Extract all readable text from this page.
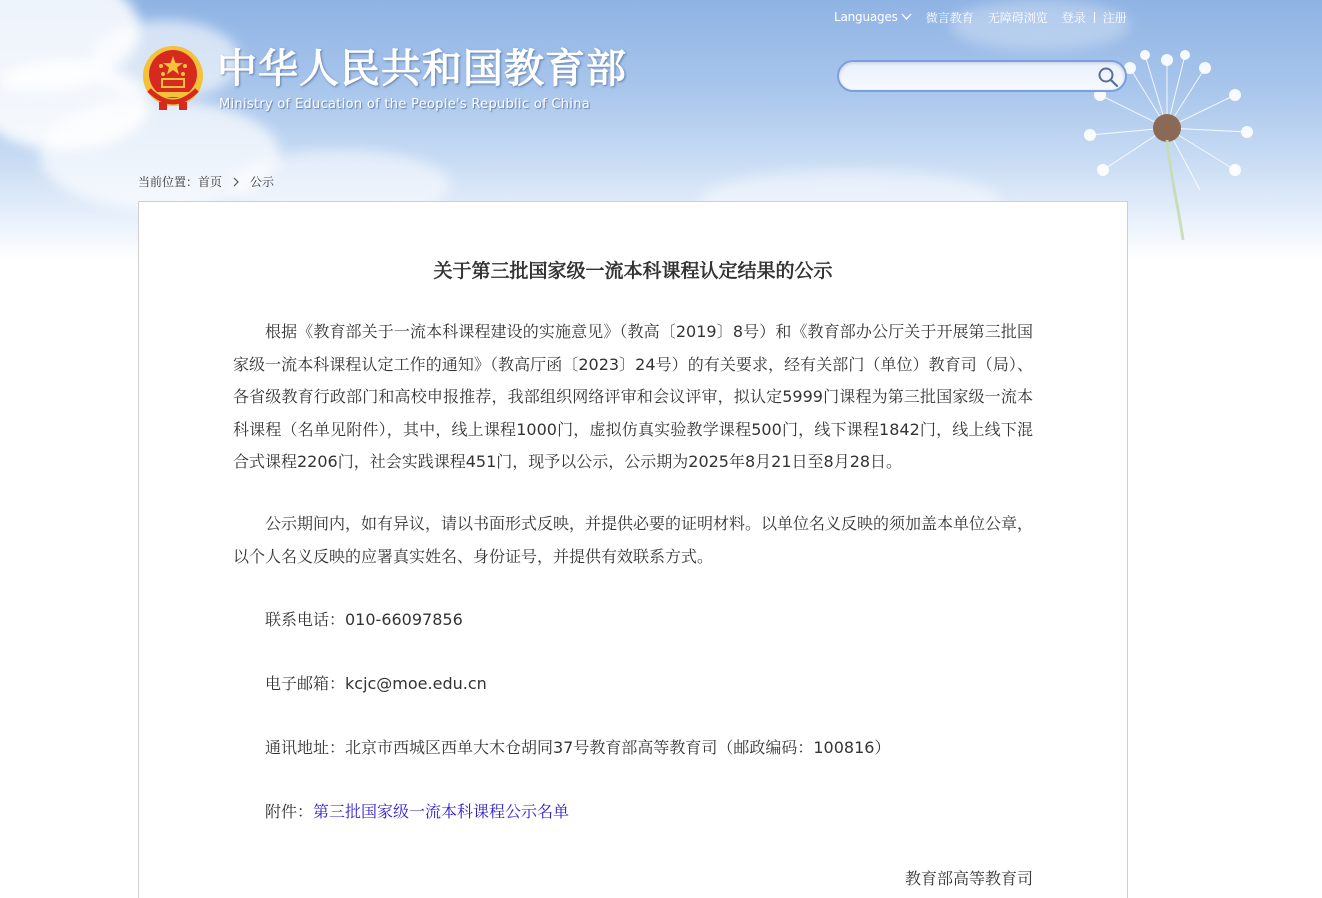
Languages 微言教育 无障碍浏览 登录 注册
中华人民共和国教育部
Ministry of Education of the People's Republic of China
当前位置： 首页 公示
关于第三批国家级一流本科课程认定结果的公示

根据《教育部关于一流本科课程建设的实施意见》（教高〔2019〕8号）和《教育部办公厅关于开展第三批国家级一流本科课程认定工作的通知》（教高厅函〔2023〕24号）的有关要求，经有关部门（单位）教育司（局）、各省级教育行政部门和高校申报推荐，我部组织网络评审和会议评审，拟认定5999门课程为第三批国家级一流本科课程（名单见附件），其中，线上课程1000门，虚拟仿真实验教学课程500门，线下课程1842门，线上线下混合式课程2206门，社会实践课程451门，现予以公示，公示期为2025年8月21日至8月28日。

公示期间内，如有异议，请以书面形式反映，并提供必要的证明材料。以单位名义反映的须加盖本单位公章，以个人名义反映的应署真实姓名、身份证号，并提供有效联系方式。

联系电话：010-66097856
电子邮箱：kcjc@moe.edu.cn
通讯地址：北京市西城区西单大木仓胡同37号教育部高等教育司（邮政编码：100816）
附件：第三批国家级一流本科课程公示名单
教育部高等教育司
